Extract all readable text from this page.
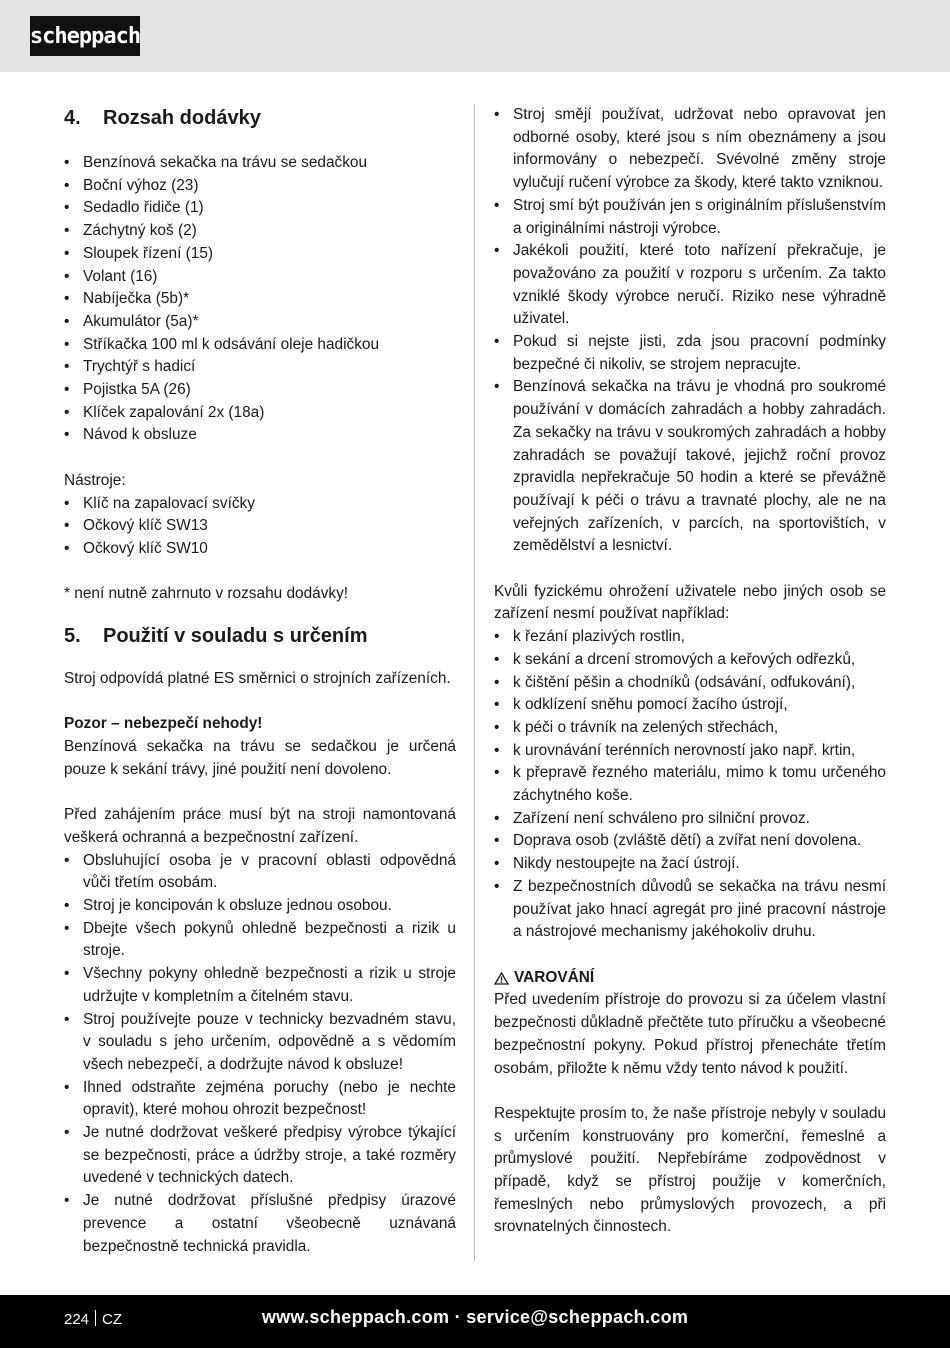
scheppach
4.	Rozsah dodávky
• Benzínová sekačka na trávu se sedačkou
• Boční výhoz (23)
• Sedadlo řidiče (1)
• Záchytný koš (2)
• Sloupek řízení (15)
• Volant (16)
• Nabíječka (5b)*
• Akumulátor (5a)*
• Stříkačka 100 ml k odsávání oleje hadičkou
• Trychtýř s hadicí
• Pojistka 5A (26)
• Klíček zapalování 2x (18a)
• Návod k obsluze

Nástroje:

• Klíč na zapalovací svíčky
• Očkový klíč SW13
• Očkový klíč SW10

* není nutně zahrnuto v rozsahu dodávky!

5.	Použití v souladu s určením

Stroj odpovídá platné ES směrnici o strojních zařízeních.

Pozor – nebezpečí nehody!

Benzínová sekačka na trávu se sedačkou je určená pouze k sekání trávy, jiné použití není dovoleno.

Před zahájením práce musí být na stroji namontovaná veškerá ochranná a bezpečnostní zařízení.

• Obsluhující osoba je v pracovní oblasti odpovědná vůči třetím osobám.
• Stroj je koncipován k obsluze jednou osobou.
• Dbejte všech pokynů ohledně bezpečnosti a rizik u stroje.
• Všechny pokyny ohledně bezpečnosti a rizik u stroje udržujte v kompletním a čitelném stavu.
• Stroj používejte pouze v technicky bezvadném stavu, v souladu s jeho určením, odpovědně a s vědomím všech nebezpečí, a dodržujte návod k obsluze!
• Ihned odstraňte zejména poruchy (nebo je nechte opravit), které mohou ohrozit bezpečnost!
• Je nutné dodržovat veškeré předpisy výrobce týkající se bezpečnosti, práce a údržby stroje, a také rozměry uvedené v technických datech.
• Je nutné dodržovat příslušné předpisy úrazové prevence a ostatní všeobecně uznávaná bezpečnostně technická pravidla.
• Stroj smějí používat, udržovat nebo opravovat jen odborné osoby, které jsou s ním obeznámeny a jsou informovány o nebezpečí. Svévolné změny stroje vylučují ručení výrobce za škody, které takto vzniknou.
• Stroj smí být používán jen s originálním příslušenstvím a originálními nástroji výrobce.
• Jakékoli použití, které toto nařízení překračuje, je považováno za použití v rozporu s určením. Za takto vzniklé škody výrobce neručí. Riziko nese výhradně uživatel.
• Pokud si nejste jisti, zda jsou pracovní podmínky bezpečné či nikoliv, se strojem nepracujte.
• Benzínová sekačka na trávu je vhodná pro soukromé používání v domácích zahradách a hobby zahradách. Za sekačky na trávu v soukromých zahradách a hobby zahradách se považují takové, jejichž roční provoz zpravidla nepřekračuje 50 hodin a které se převážně používají k péči o trávu a travnaté plochy, ale ne na veřejných zařízeních, v parcích, na sportovištích, v zemědělství a lesnictví.

Kvůli fyzickému ohrožení uživatele nebo jiných osob se zařízení nesmí používat například:

• k řezání plazivých rostlin,
• k sekání a drcení stromových a keřových odřezků,
• k čištění pěšin a chodníků (odsávání, odfukování),
• k odklízení sněhu pomocí žacího ústrojí,
• k péči o trávník na zelených střechách,
• k urovnávání terénních nerovností jako např. krtin,
• k přepravě řezného materiálu, mimo k tomu určeného záchytného koše.
• Zařízení není schváleno pro silniční provoz.
• Doprava osob (zvláště dětí) a zvířat není dovolena.
• Nikdy nestoupejte na žací ústrojí.
• Z bezpečnostních důvodů se sekačka na trávu nesmí používat jako hnací agregát pro jiné pracovní nástroje a nástrojové mechanismy jakéhokoliv druhu.

VAROVÁNÍ

Před uvedením přístroje do provozu si za účelem vlastní bezpečnosti důkladně přečtěte tuto příručku a všeobecné bezpečnostní pokyny. Pokud přístroj přenecháte třetím osobám, přiložte k němu vždy tento návod k použití.

Respektujte prosím to, že naše přístroje nebyly v souladu s určením konstruovány pro komerční, řemeslné a průmyslové použití. Nepřebíráme zodpovědnost v případě, když se přístroj použije v komerčních, řemeslných nebo průmyslových provozech, a při srovnatelných činnostech.

224 CZ	www.scheppach.com · service@scheppach.com
